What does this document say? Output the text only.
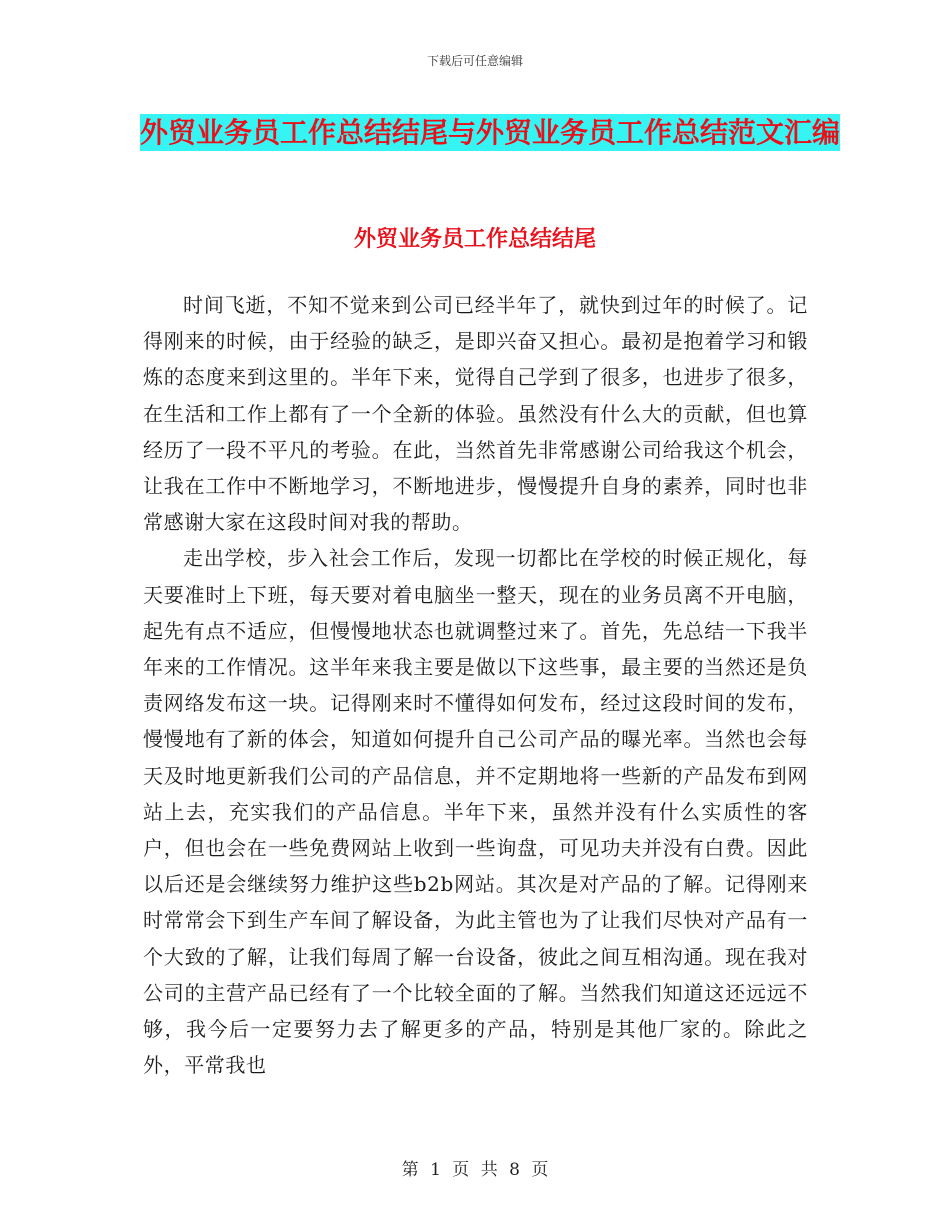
下载后可任意编辑
外贸业务员工作总结结尾与外贸业务员工作总结范文汇编
外贸业务员工作总结结尾

时间飞逝，不知不觉来到公司已经半年了，就快到过年的时候了。记得刚来的时候，由于经验的缺乏，是即兴奋又担心。最初是抱着学习和锻炼的态度来到这里的。半年下来，觉得自己学到了很多，也进步了很多，在生活和工作上都有了一个全新的体验。虽然没有什么大的贡献，但也算经历了一段不平凡的考验。在此，当然首先非常感谢公司给我这个机会，让我在工作中不断地学习，不断地进步，慢慢提升自身的素养，同时也非常感谢大家在这段时间对我的帮助。

走出学校，步入社会工作后，发现一切都比在学校的时候正规化，每天要准时上下班，每天要对着电脑坐一整天，现在的业务员离不开电脑，起先有点不适应，但慢慢地状态也就调整过来了。首先，先总结一下我半年来的工作情况。这半年来我主要是做以下这些事，最主要的当然还是负责网络发布这一块。记得刚来时不懂得如何发布，经过这段时间的发布，慢慢地有了新的体会，知道如何提升自己公司产品的曝光率。当然也会每天及时地更新我们公司的产品信息，并不定期地将一些新的产品发布到网站上去，充实我们的产品信息。半年下来，虽然并没有什么实质性的客户，但也会在一些免费网站上收到一些询盘，可见功夫并没有白费。因此以后还是会继续努力维护这些b2b网站。其次是对产品的了解。记得刚来时常常会下到生产车间了解设备，为此主管也为了让我们尽快对产品有一个大致的了解，让我们每周了解一台设备，彼此之间互相沟通。现在我对公司的主营产品已经有了一个比较全面的了解。当然我们知道这还远远不够，我今后一定要努力去了解更多的产品，特别是其他厂家的。除此之外，平常我也

第 1 页 共 8 页
